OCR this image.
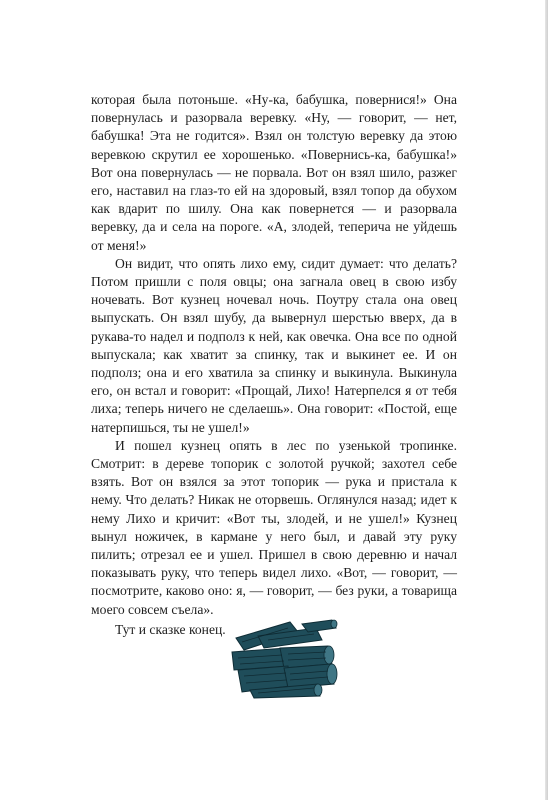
которая была потоньше. «Ну-ка, бабушка, повернися!» Она повернулась и разорвала веревку. «Ну, — говорит, — нет, бабушка! Эта не годится». Взял он толстую веревку да этою веревкою скрутил ее хорошенько. «Повернись-ка, бабушка!» Вот она повернулась — не порвала. Вот он взял шило, разжег его, наставил на глаз-то ей на здоровый, взял топор да обухом как вдарит по шилу. Она как повернется — и разорвала веревку, да и села на пороге. «А, злодей, теперича не уйдешь от меня!»

Он видит, что опять лихо ему, сидит думает: что делать? Потом пришли с поля овцы; она загнала овец в свою избу ночевать. Вот кузнец ночевал ночь. Поутру стала она овец выпускать. Он взял шубу, да вывернул шерстью вверх, да в рукава-то надел и подполз к ней, как овечка. Она все по одной выпускала; как хватит за спинку, так и выкинет ее. И он подполз; она и его хватила за спинку и выкинула. Выкинула его, он встал и говорит: «Прощай, Лихо! Натерпелся я от тебя лиха; теперь ничего не сделаешь». Она говорит: «Постой, еще натерпишься, ты не ушел!»

И пошел кузнец опять в лес по узенькой тропинке. Смотрит: в дереве топорик с золотой ручкой; захотел себе взять. Вот он взялся за этот топорик — рука и пристала к нему. Что делать? Никак не оторвешь. Оглянулся назад; идет к нему Лихо и кричит: «Вот ты, злодей, и не ушел!» Кузнец вынул ножичек, в кармане у него был, и давай эту руку пилить; отрезал ее и ушел. Пришел в свою деревню и начал показывать руку, что теперь видел лихо. «Вот, — говорит, — посмотрите, каково оно: я, — говорит, — без руки, а товарища моего совсем съела».

Тут и сказке конец.
